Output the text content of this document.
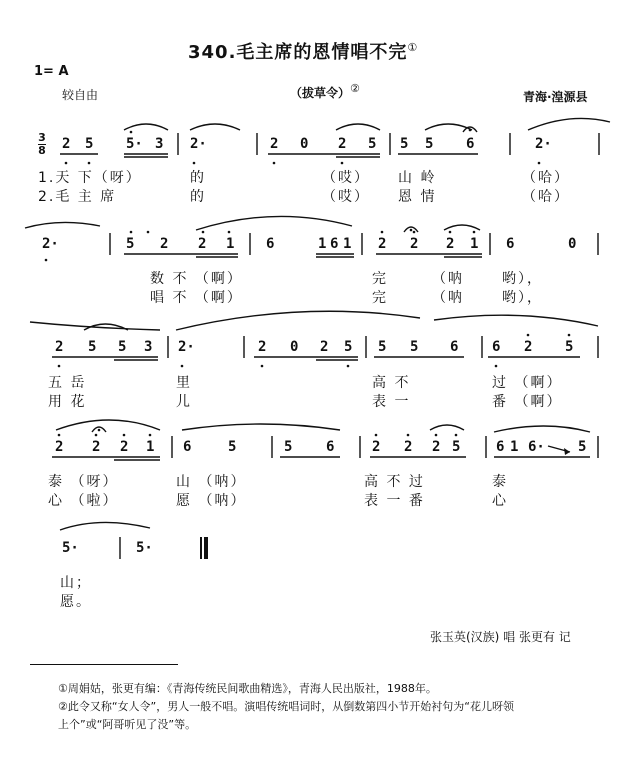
340.毛主席的恩情唱不完①
1= A
较自由	（拔草令）②
青海·湟源县
3
8 2 5 5· 3 2·	2 0 2 5 5 5 6	2·
1.天 下（呀）	的	（哎） 山 岭	（哈）
2.毛 主 席	的	（哎） 恩 情	（哈）
2·	5 2 2 1 6	1 6 1 2 2 2 1 6	0
数 不 （啊）	完	（呐	哟），
唱 不 （啊）	完	（呐	哟），
2 5 5 3 2·	2 0 2 5 5 5 6 6 2 5
五 岳	里	高 不	过 （啊）
用 花	儿	表 一	番 （啊）
2 2 2 1 6	5	5 6	2 2 2 5	6 1 6· 5
泰 （呀）	山 （呐）	高 不 过	泰
心 （啦）	愿 （呐）	表 一 番	心
5·	5·
山；
愿。
张玉英(汉族) 唱 张更有 记
①周娟姑，张更有编：《青海传统民间歌曲精选》，青海人民出版社，1988年。
②此令又称“女人令”，男人一般不唱。演唱传统唱词时，从倒数第四小节开始衬句为“花儿呀领
上个”或“阿哥听见了没”等。
